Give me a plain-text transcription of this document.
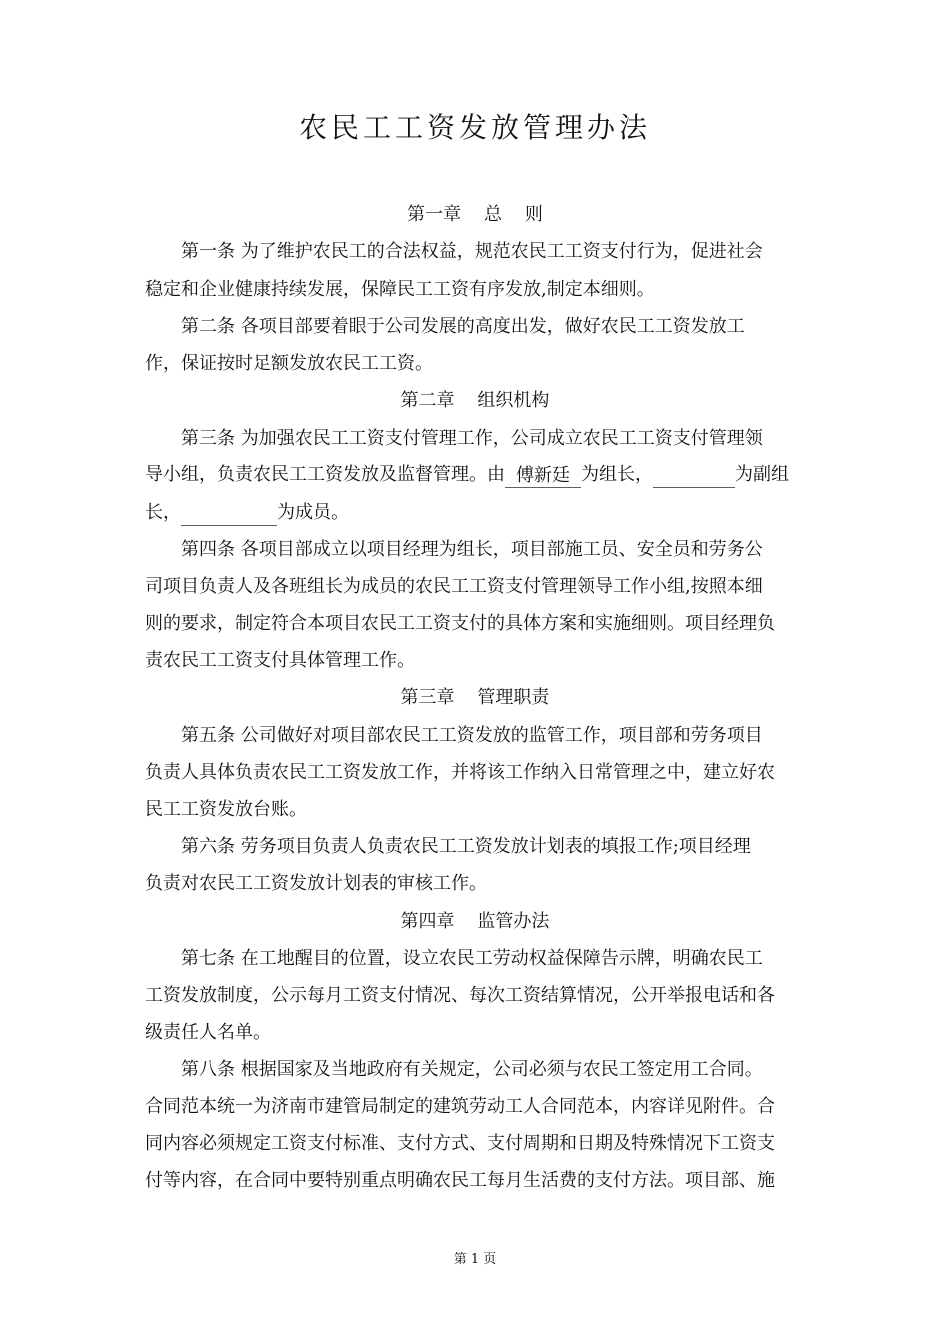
农民工工资发放管理办法
第一章    总    则
第一条 为了维护农民工的合法权益，规范农民工工资支付行为，促进社会
稳定和企业健康持续发展，保障民工工资有序发放,制定本细则。
第二条 各项目部要着眼于公司发展的高度出发，做好农民工工资发放工
作，保证按时足额发放农民工工资。
第二章    组织机构
第三条 为加强农民工工资支付管理工作，公司成立农民工工资支付管理领
导小组，负责农民工工资发放及监督管理。由 傅新廷 为组长，	为副组
长，	为成员。
第四条 各项目部成立以项目经理为组长，项目部施工员、安全员和劳务公
司项目负责人及各班组长为成员的农民工工资支付管理领导工作小组,按照本细
则的要求，制定符合本项目农民工工资支付的具体方案和实施细则。项目经理负
责农民工工资支付具体管理工作。
第三章    管理职责
第五条 公司做好对项目部农民工工资发放的监管工作，项目部和劳务项目
负责人具体负责农民工工资发放工作，并将该工作纳入日常管理之中，建立好农
民工工资发放台账。
第六条 劳务项目负责人负责农民工工资发放计划表的填报工作;项目经理
负责对农民工工资发放计划表的审核工作。
第四章    监管办法
第七条 在工地醒目的位置，设立农民工劳动权益保障告示牌，明确农民工
工资发放制度，公示每月工资支付情况、每次工资结算情况，公开举报电话和各
级责任人名单。
第八条 根据国家及当地政府有关规定，公司必须与农民工签定用工合同。
合同范本统一为济南市建管局制定的建筑劳动工人合同范本，内容详见附件。合
同内容必须规定工资支付标准、支付方式、支付周期和日期及特殊情况下工资支
付等内容，在合同中要特别重点明确农民工每月生活费的支付方法。项目部、施
第 1 页
